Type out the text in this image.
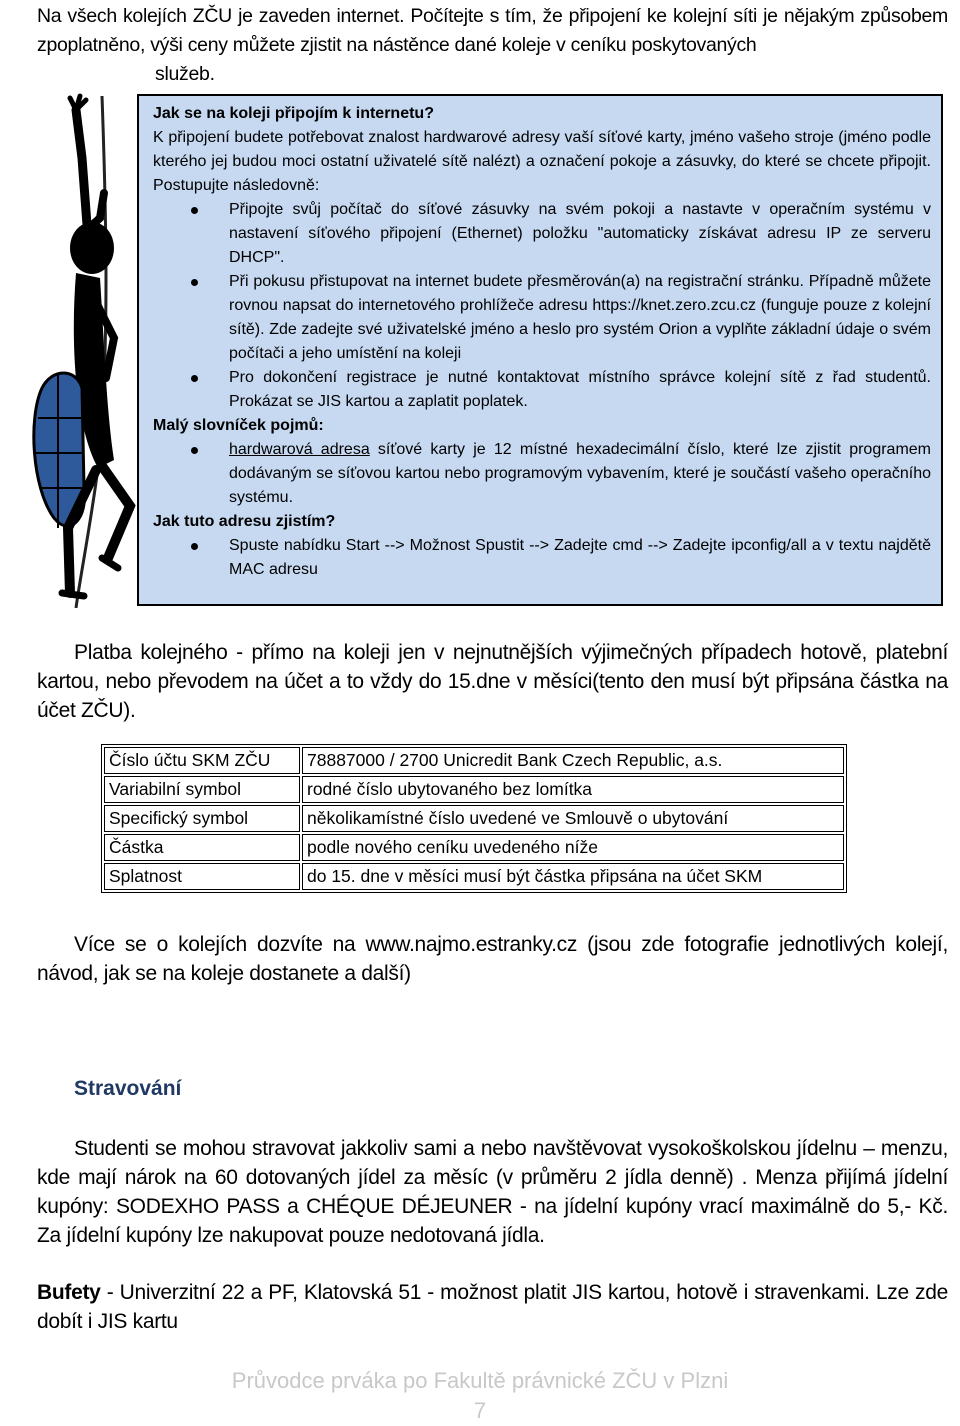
Na všech kolejích ZČU je zaveden internet. Počítejte s tím, že připojení ke kolejní síti je nějakým způsobem zpoplatněno, výši ceny můžete zjistit na nástěnce dané koleje v ceníku poskytovaných
služeb.
Jak se na koleji připojím k internetu?

K připojení budete potřebovat znalost hardwarové adresy vaší síťové karty, jméno vašeho stroje (jméno podle kterého jej budou moci ostatní uživatelé sítě nalézt) a označení pokoje a zásuvky, do které se chcete připojit. Postupujte následovně:

Připojte svůj počítač do síťové zásuvky na svém pokoji a nastavte v operačním systému v nastavení síťového připojení (Ethernet) položku "automaticky získávat adresu IP ze serveru DHCP".
Při pokusu přistupovat na internet budete přesměrován(a) na registrační stránku. Případně můžete rovnou napsat do internetového prohlížeče adresu https://knet.zero.zcu.cz (funguje pouze z kolejní sítě). Zde zadejte své uživatelské jméno a heslo pro systém Orion a vyplňte základní údaje o svém počítači a jeho umístění na koleji
Pro dokončení registrace je nutné kontaktovat místního správce kolejní sítě z řad studentů. Prokázat se JIS kartou a zaplatit poplatek.
Malý slovníček pojmů:
hardwarová adresa síťové karty je 12 místné hexadecimální číslo, které lze zjistit programem dodávaným se síťovou kartou nebo programovým vybavením, které je součástí vašeho operačního systému.
Jak tuto adresu zjistím?
Spuste nabídku Start --> Možnost Spustit --> Zadejte cmd --> Zadejte ipconfig/all a v textu najdětě MAC adresu
Platba kolejného - přímo na koleji jen v nejnutnějších výjimečných případech hotově, platební kartou, nebo převodem na účet a to vždy do 15.dne v měsíci(tento den musí být připsána částka na účet ZČU).
Číslo účtu SKM ZČU	78887000 / 2700 Unicredit Bank Czech Republic, a.s.
Variabilní symbol	rodné číslo ubytovaného bez lomítka
Specifický symbol	několikamístné číslo uvedené ve Smlouvě o ubytování
Částka	podle nového ceníku uvedeného níže
Splatnost	do 15. dne v měsíci musí být částka připsána na účet SKM
Více se o kolejích dozvíte na www.najmo.estranky.cz (jsou zde fotografie jednotlivých kolejí, návod, jak se na koleje dostanete a další)
Stravování
Studenti se mohou stravovat jakkoliv sami a nebo navštěvovat vysokoškolskou jídelnu – menzu, kde mají nárok na 60 dotovaných jídel za měsíc (v průměru 2 jídla denně) . Menza přijímá jídelní kupóny: SODEXHO PASS a CHÉQUE DÉJEUNER - na jídelní kupóny vrací maximálně do 5,- Kč. Za jídelní kupóny lze nakupovat pouze nedotovaná jídla.
Bufety - Univerzitní 22 a PF, Klatovská 51 - možnost platit JIS kartou, hotově i stravenkami. Lze zde dobít i JIS kartu
Průvodce prváka po Fakultě právnické ZČU v Plzni
7
